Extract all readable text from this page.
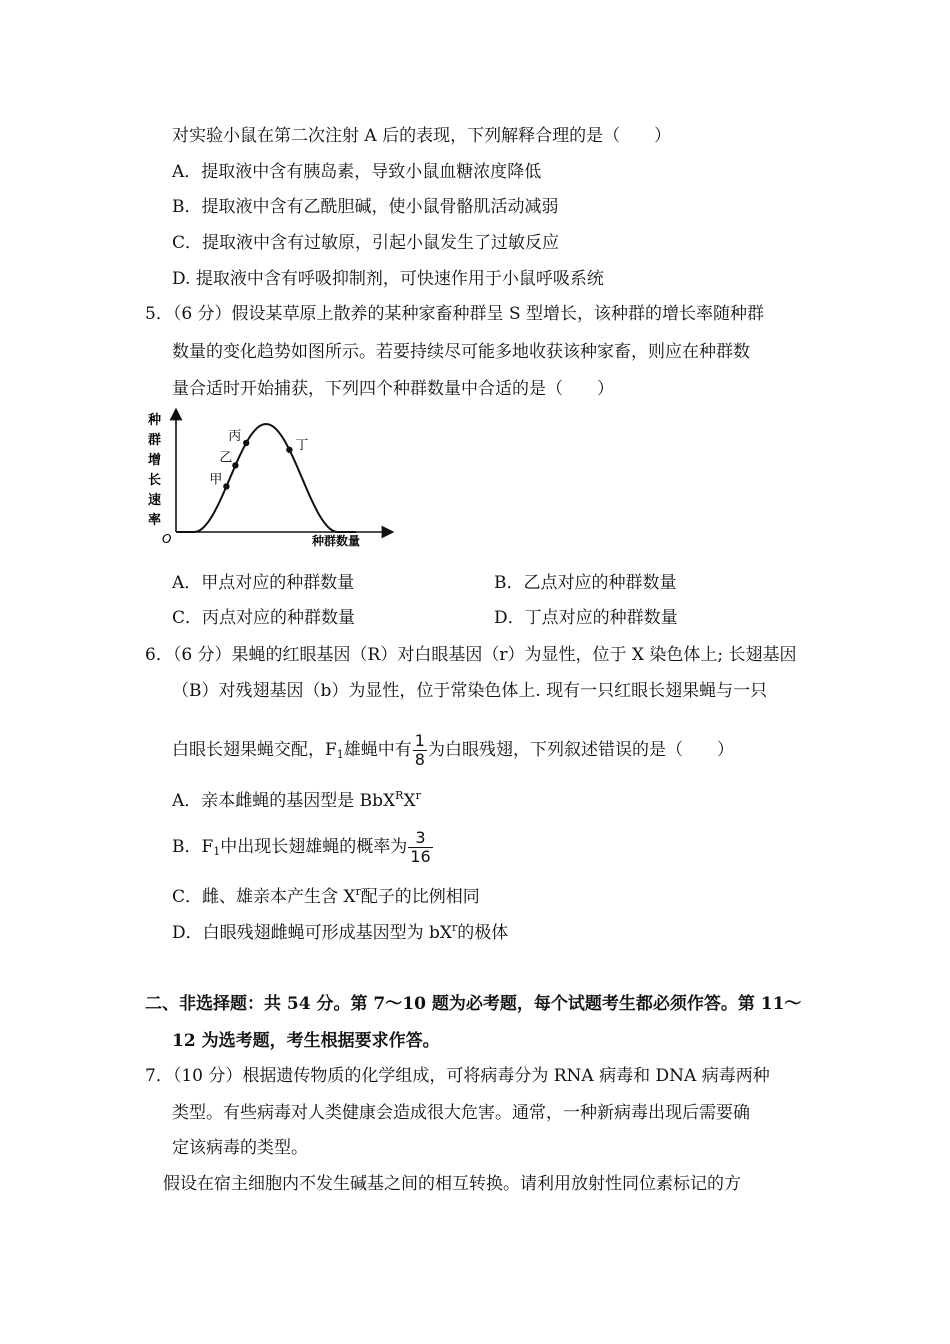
对实验小鼠在第二次注射 A 后的表现，下列解释合理的是（　　）
A．提取液中含有胰岛素，导致小鼠血糖浓度降低
B．提取液中含有乙酰胆碱，使小鼠骨骼肌活动减弱
C．提取液中含有过敏原，引起小鼠发生了过敏反应
D. 提取液中含有呼吸抑制剂，可快速作用于小鼠呼吸系统
5．（6 分）假设某草原上散养的某种家畜种群呈 S 型增长，该种群的增长率随种群
数量的变化趋势如图所示。若要持续尽可能多地收获该种家畜，则应在种群数
量合适时开始捕获，下列四个种群数量中合适的是（　　）
种
群
增
长
速
率
O	种群数量
甲
乙
丙
丁
A．甲点对应的种群数量	B．乙点对应的种群数量
C．丙点对应的种群数量	D．丁点对应的种群数量
6．（6 分）果蝇的红眼基因（R）对白眼基因（r）为显性，位于 X 染色体上; 长翅基因
（B）对残翅基因（b）为显性，位于常染色体上. 现有一只红眼长翅果蝇与一只
白眼长翅果蝇交配，$F_1$雄蝇中有 $\frac{1}{8}$ 为白眼残翅，下列叙述错误的是（　　）
A．亲本雌蝇的基因型是 $BbX^RX^r$
B．$F_1$中出现长翅雄蝇的概率为 $\frac{3}{16}$
C．雌、雄亲本产生含 $X^r$配子的比例相同
D．白眼残翅雌蝇可形成基因型为 $bX^r$的极体
二、非选择题：共 54 分。第 7～10 题为必考题，每个试题考生都必须作答。第 11～
12 为选考题，考生根据要求作答。
7．（10 分）根据遗传物质的化学组成，可将病毒分为 RNA 病毒和 DNA 病毒两种
类型。有些病毒对人类健康会造成很大危害。通常，一种新病毒出现后需要确
定该病毒的类型。
假设在宿主细胞内不发生碱基之间的相互转换。请利用放射性同位素标记的方
